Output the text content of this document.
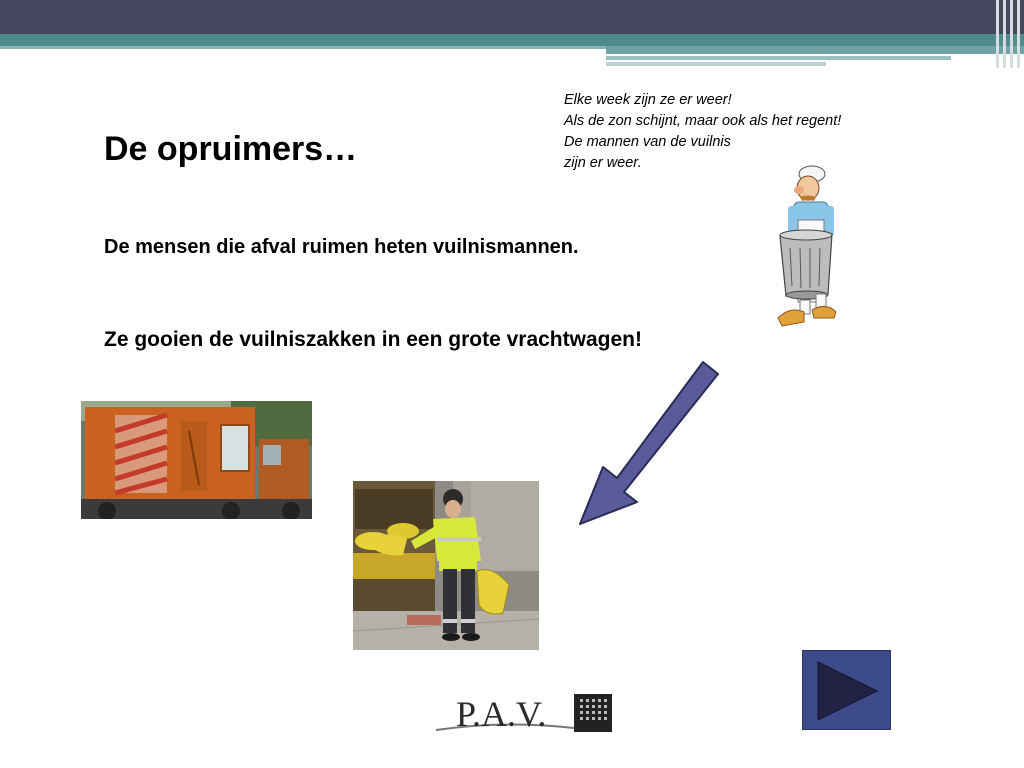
De opruimers…
De mensen die afval ruimen heten vuilnismannen.
Ze gooien de vuilniszakken in een grote vrachtwagen!
Elke week zijn ze er weer!
Als de zon schijnt, maar ook als het regent!
De mannen van de vuilnis
zijn er weer.
P.A.V.
